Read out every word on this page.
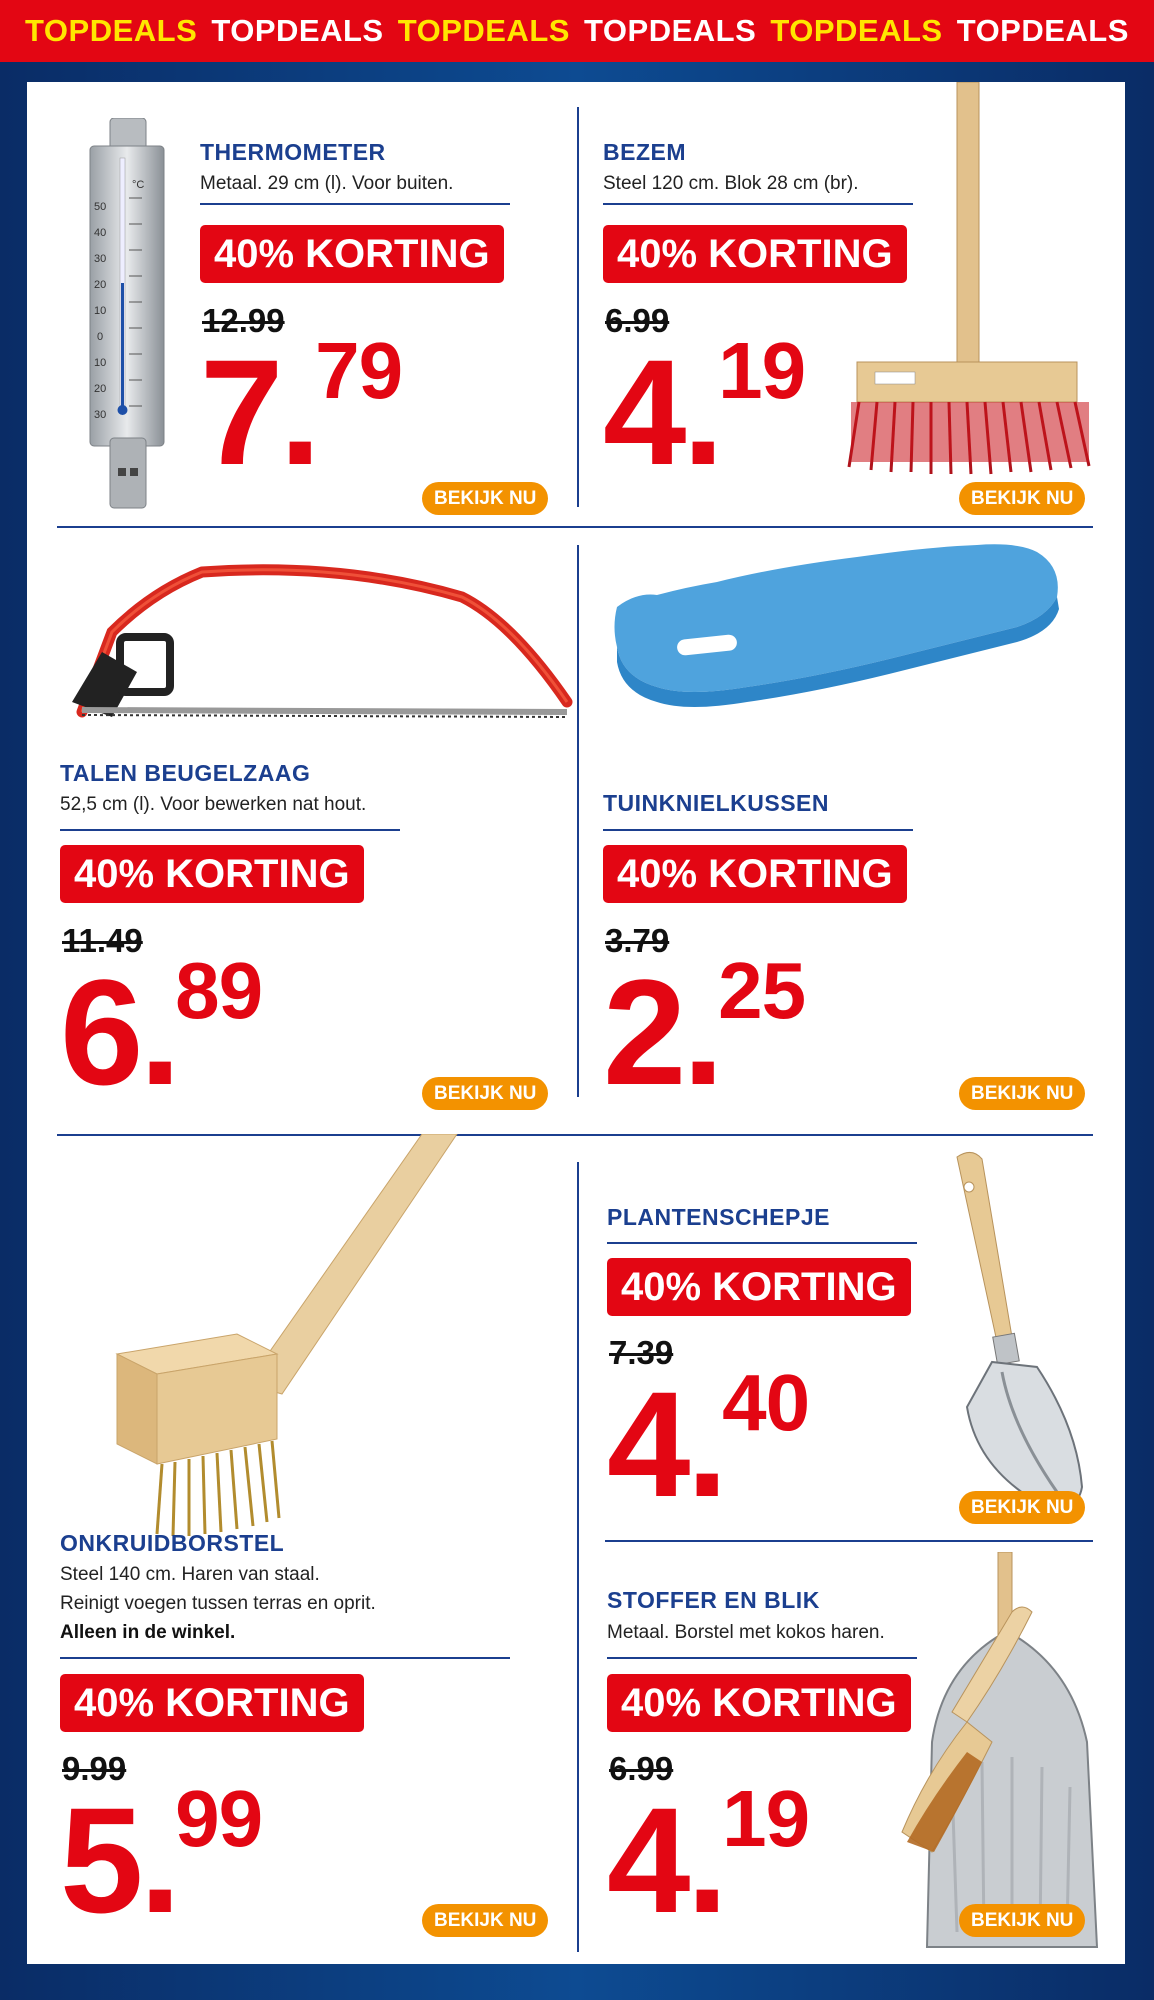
TOPDEALS TOPDEALS TOPDEALS TOPDEALS TOPDEALS TOPDEALS
50
40
30
20
10
0
10
20
30
°C
THERMOMETER
Metaal. 29 cm (l). Voor buiten.
40% KORTING
12.99
7.79
BEKIJK NU
BEZEM
Steel 120 cm. Blok 28 cm (br).
40% KORTING
6.99
4.19
BEKIJK NU
TALEN BEUGELZAAG
52,5 cm (l). Voor bewerken nat hout.
40% KORTING
11.49
6.89
BEKIJK NU
TUINKNIELKUSSEN
40% KORTING
3.79
2.25
BEKIJK NU
ONKRUIDBORSTEL
Steel 140 cm. Haren van staal.
Reinigt voegen tussen terras en oprit.
Alleen in de winkel.
40% KORTING
9.99
5.99
BEKIJK NU
PLANTENSCHEPJE
40% KORTING
7.39
4.40
BEKIJK NU
STOFFER EN BLIK
Metaal. Borstel met kokos haren.
40% KORTING
6.99
4.19
BEKIJK NU
